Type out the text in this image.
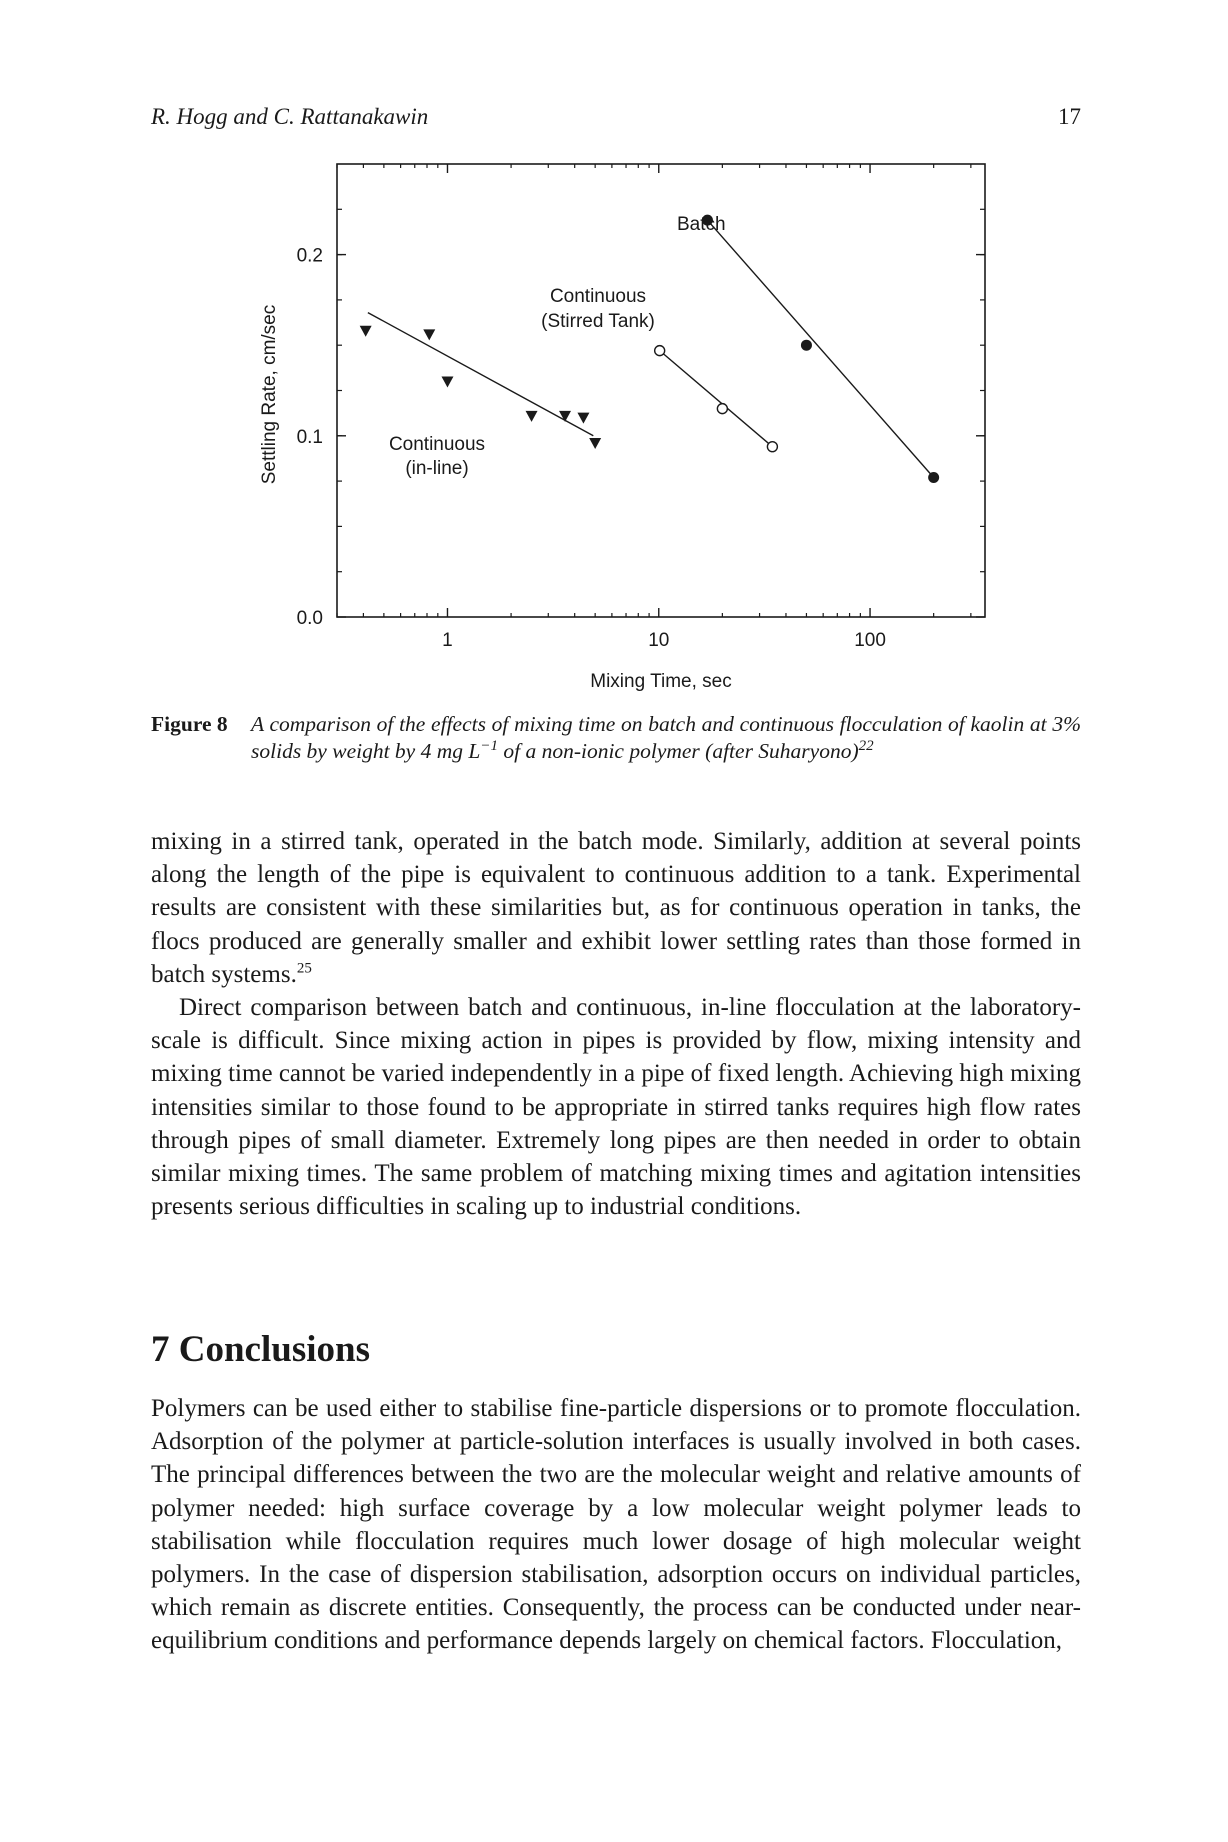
R. Hogg and C. Rattanakawin	17
1	10	100
0.0
0.1
0.2
Mixing Time, sec
Settling Rate, cm/sec	Continuous
(in-line)
Continuous
(Stirred Tank)
Batch
Figure 8 A comparison of the effects of mixing time on batch and continuous flocculation of kaolin at 3% solids by weight by 4 mg $L^{-1}$ of a non-ionic polymer (after Suharyono)$^{22}$

mixing in a stirred tank, operated in the batch mode. Similarly, addition at several points along the length of the pipe is equivalent to continuous addition to a tank. Experimental results are consistent with these similarities but, as for continuous operation in tanks, the flocs produced are generally smaller and exhibit lower settling rates than those formed in batch systems.$^{25}$

Direct comparison between batch and continuous, in-line flocculation at the laboratory-scale is difficult. Since mixing action in pipes is provided by flow, mixing intensity and mixing time cannot be varied independently in a pipe of fixed length. Achieving high mixing intensities similar to those found to be appropriate in stirred tanks requires high flow rates through pipes of small diameter. Extremely long pipes are then needed in order to obtain similar mixing times. The same problem of matching mixing times and agitation intensities presents serious difficulties in scaling up to industrial conditions.

7 Conclusions

Polymers can be used either to stabilise fine-particle dispersions or to promote flocculation. Adsorption of the polymer at particle-solution interfaces is usually involved in both cases. The principal differences between the two are the molecular weight and relative amounts of polymer needed: high surface coverage by a low molecular weight polymer leads to stabilisation while flocculation requires much lower dosage of high molecular weight polymers. In the case of dispersion stabilisation, adsorption occurs on individual particles, which remain as discrete entities. Consequently, the process can be conducted under near-equilibrium conditions and performance depends largely on chemical factors. Flocculation,
